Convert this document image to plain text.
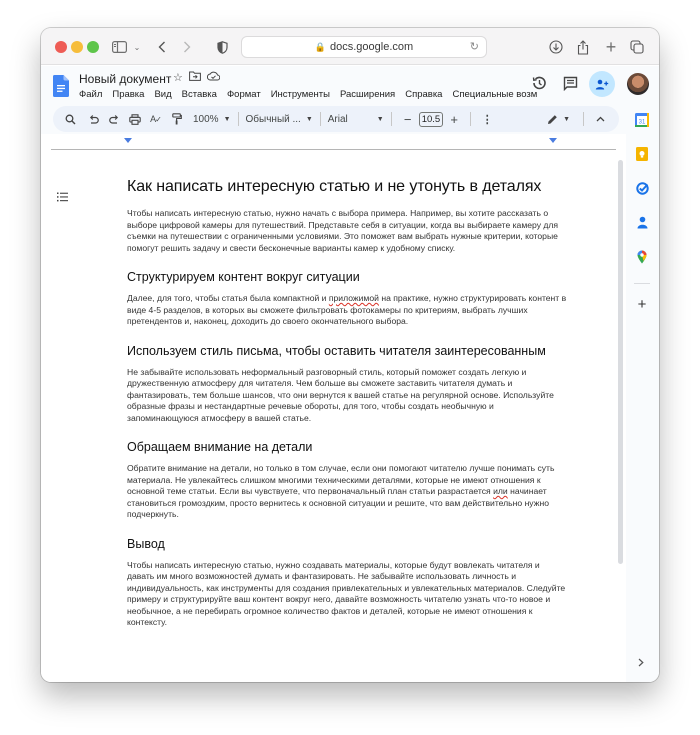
⌄	🔒 docs.google.com	↻	+
Новый документ ☆
Файл Правка Вид Вставка Формат Инструменты Расширения Справка Специальные возм
A ✓	100% ▼ Обычный ... ▼ Arial	▼	−	10.5 +	⋮	▼	31
+
Как написать интересную статью и не утонуть в деталях

Чтобы написать интересную статью, нужно начать с выбора примера. Например, вы хотите рассказать о выборе цифровой камеры для путешествий. Представьте себя в ситуации, когда вы выбираете камеру для съемки на путешествии с ограниченными условиями. Это поможет вам выбрать нужные критерии, которые помогут решить задачу и свести бесконечные варианты камер к удобному списку.

Структурируем контент вокруг ситуации

Далее, для того, чтобы статья была компактной и приложимой на практике, нужно структурировать контент в виде 4-5 разделов, в которых вы сможете фильтровать фотокамеры по критериям, выбрать лучших претендентов и, наконец, доходить до своего окончательного выбора.

Используем стиль письма, чтобы оставить читателя заинтересованным

Не забывайте использовать неформальный разговорный стиль, который поможет создать легкую и дружественную атмосферу для читателя. Чем больше вы сможете заставить читателя думать и фантазировать, тем больше шансов, что они вернутся к вашей статье на регулярной основе. Используйте образные фразы и нестандартные речевые обороты, для того, чтобы создать необычную и запоминающуюся атмосферу в вашей статье.

Обращаем внимание на детали

Обратите внимание на детали, но только в том случае, если они помогают читателю лучше понимать суть материала. Не увлекайтесь слишком многими техническими деталями, которые не имеют отношения к основной теме статьи. Если вы чувствуете, что первоначальный план статьи разрастается или начинает становиться громоздким, просто вернитесь к основной ситуации и решите, что вам действительно нужно подчеркнуть.

Вывод

Чтобы написать интересную статью, нужно создавать материалы, которые будут вовлекать читателя и давать им много возможностей думать и фантазировать. Не забывайте использовать личность и индивидуальность, как инструменты для создания привлекательных и увлекательных материалов. Следуйте примеру и структурируйте ваш контент вокруг него, давайте возможность читателю узнать что-то новое и необычное, а не перебирать огромное количество фактов и деталей, которые не имеют отношения к контексту.
